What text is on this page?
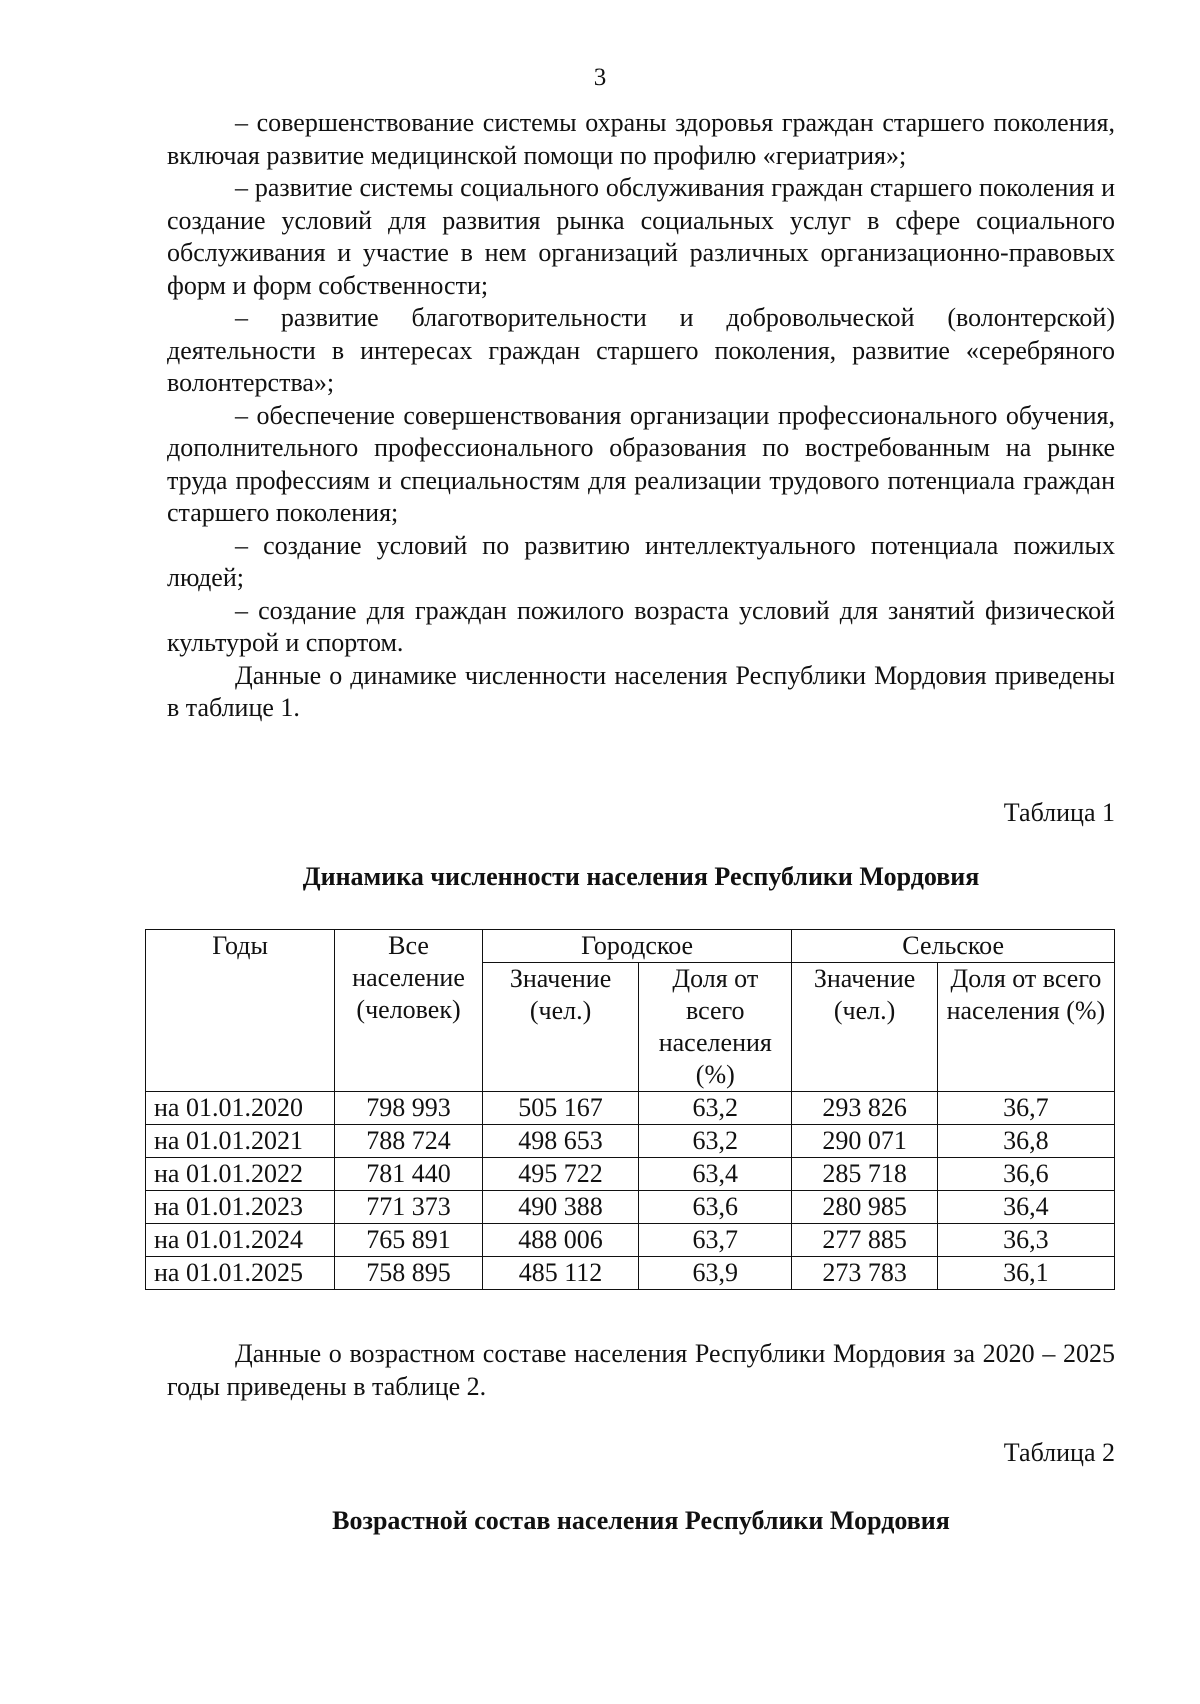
3

– совершенствование системы охраны здоровья граждан старшего поколения, включая развитие медицинской помощи по профилю «гериатрия»;

– развитие системы социального обслуживания граждан старшего поколения и создание условий для развития рынка социальных услуг в сфере социального обслуживания и участие в нем организаций различных организационно-правовых форм и форм собственности;

– развитие благотворительности и добровольческой (волонтерской) деятельности в интересах граждан старшего поколения, развитие «серебряного волонтерства»;

– обеспечение совершенствования организации профессионального обучения, дополнительного профессионального образования по востребованным на рынке труда профессиям и специальностям для реализации трудового потенциала граждан старшего поколения;

– создание условий по развитию интеллектуального потенциала пожилых людей;

– создание для граждан пожилого возраста условий для занятий физической культурой и спортом.

Данные о динамике численности населения Республики Мордовия приведены в таблице 1.

Таблица 1
Динамика численности населения Республики Мордовия
Годы	Все население (человек)	Городское		Сельское	
		Значение (чел.)	Доля от всего населения (%)	Значение (чел.)	Доля от всего населения (%)
на 01.01.2020	798 993	505 167	63,2	293 826	36,7
на 01.01.2021	788 724	498 653	63,2	290 071	36,8
на 01.01.2022	781 440	495 722	63,4	285 718	36,6
на 01.01.2023	771 373	490 388	63,6	280 985	36,4
на 01.01.2024	765 891	488 006	63,7	277 885	36,3
на 01.01.2025	758 895	485 112	63,9	273 783	36,1

Данные о возрастном составе населения Республики Мордовия за 2020 – 2025 годы приведены в таблице 2.

Таблица 2
Возрастной состав населения Республики Мордовия
